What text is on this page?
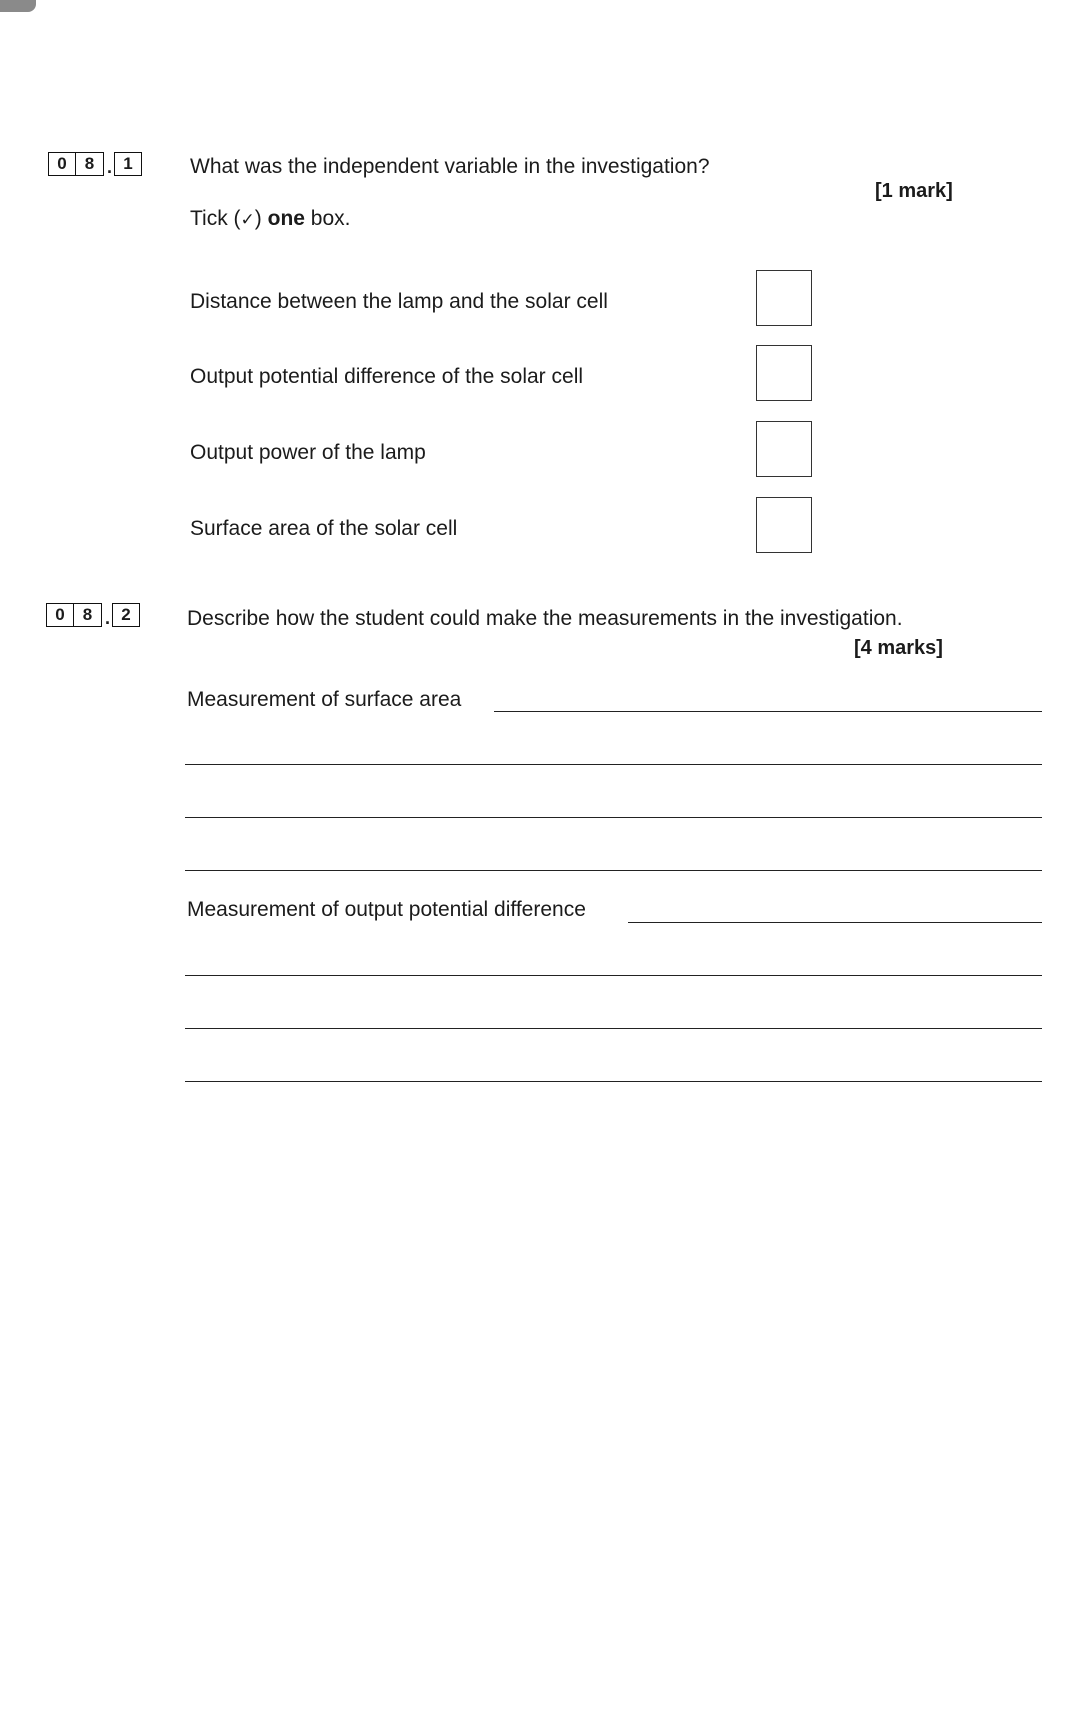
0	8 . 1	What was the independent variable in the investigation?
[1 mark]
Tick (✓) one box.
Distance between the lamp and the solar cell
Output potential difference of the solar cell
Output power of the lamp
Surface area of the solar cell
0	8 . 2	Describe how the student could make the measurements in the investigation.
[4 marks]
Measurement of surface area
Measurement of output potential difference
